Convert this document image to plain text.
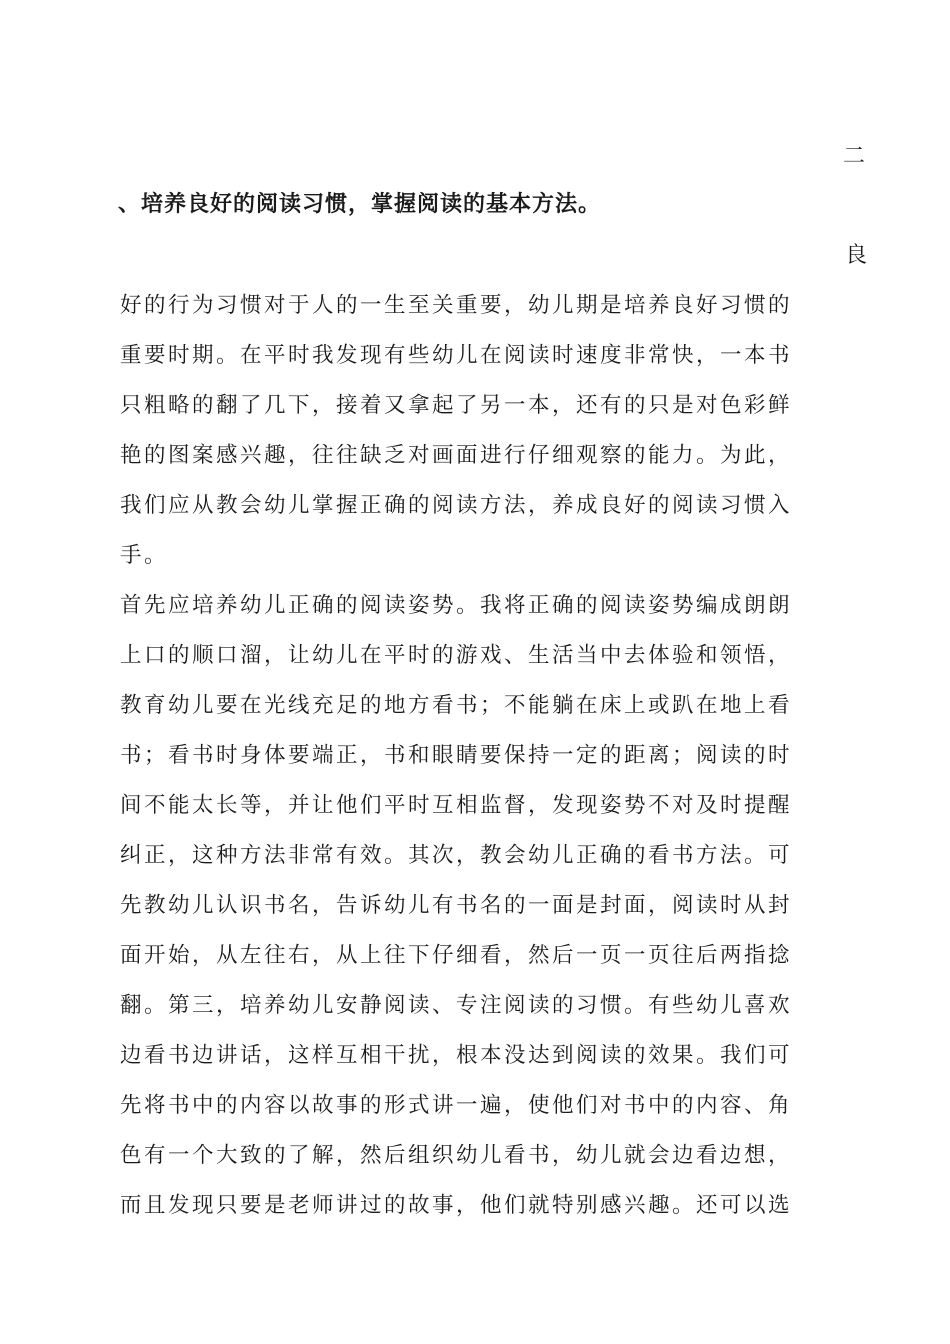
二
、培养良好的阅读习惯，掌握阅读的基本方法。
良
好的行为习惯对于人的一生至关重要，幼儿期是培养良好习惯的
重要时期。在平时我发现有些幼儿在阅读时速度非常快，一本书
只粗略的翻了几下，接着又拿起了另一本，还有的只是对色彩鲜
艳的图案感兴趣，往往缺乏对画面进行仔细观察的能力。为此，
我们应从教会幼儿掌握正确的阅读方法，养成良好的阅读习惯入
手。
首先应培养幼儿正确的阅读姿势。我将正确的阅读姿势编成朗朗
上口的顺口溜，让幼儿在平时的游戏、生活当中去体验和领悟，
教育幼儿要在光线充足的地方看书；不能躺在床上或趴在地上看
书；看书时身体要端正，书和眼睛要保持一定的距离；阅读的时
间不能太长等，并让他们平时互相监督，发现姿势不对及时提醒
纠正，这种方法非常有效。其次，教会幼儿正确的看书方法。可
先教幼儿认识书名，告诉幼儿有书名的一面是封面，阅读时从封
面开始，从左往右，从上往下仔细看，然后一页一页往后两指捻
翻。第三，培养幼儿安静阅读、专注阅读的习惯。有些幼儿喜欢
边看书边讲话，这样互相干扰，根本没达到阅读的效果。我们可
先将书中的内容以故事的形式讲一遍，使他们对书中的内容、角
色有一个大致的了解，然后组织幼儿看书，幼儿就会边看边想，
而且发现只要是老师讲过的故事，他们就特别感兴趣。还可以选
